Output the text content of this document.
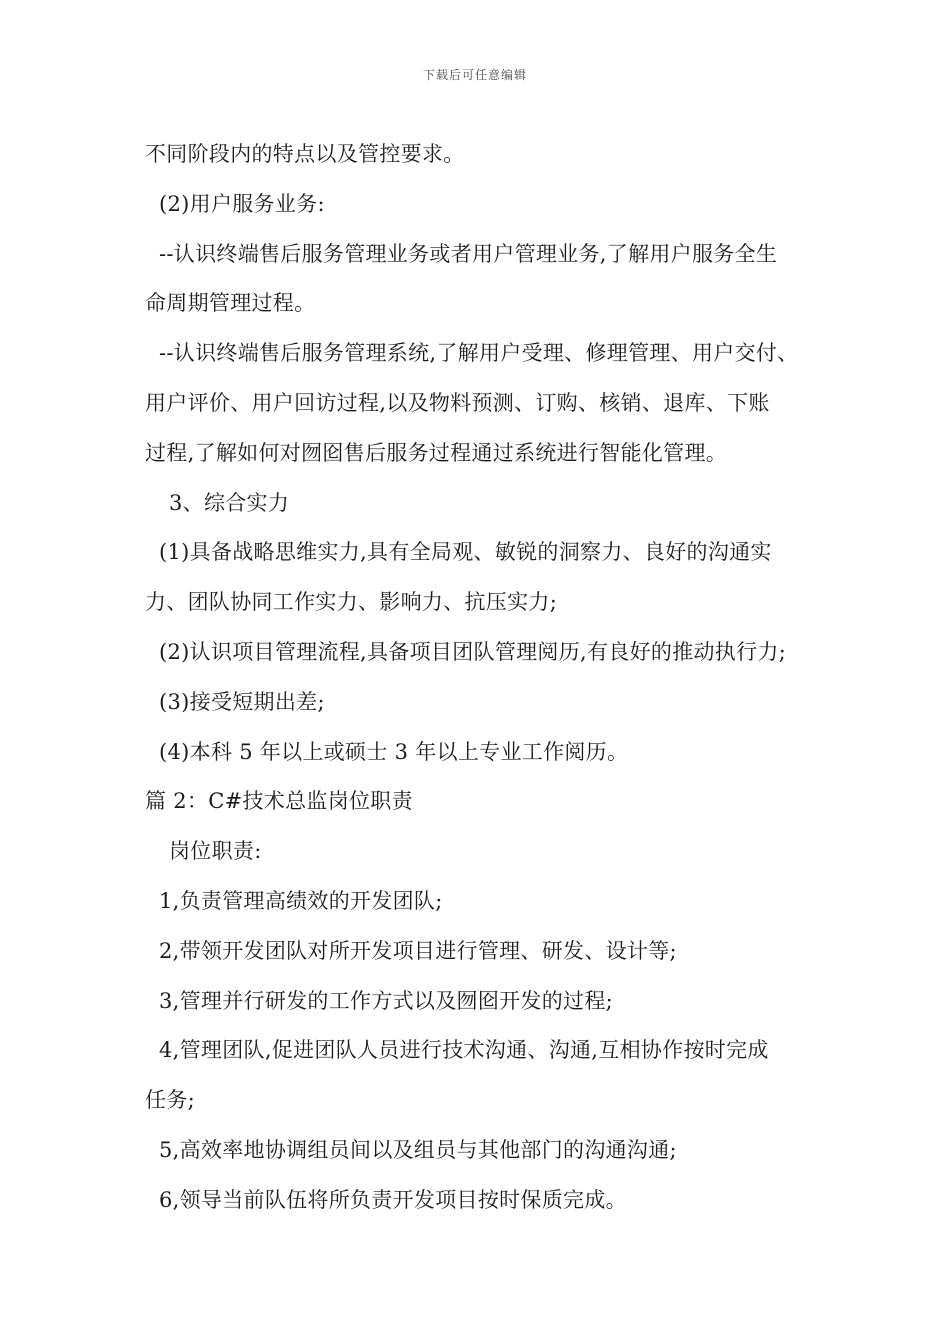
下载后可任意编辑
不同阶段内的特点以及管控要求。
(2)用户服务业务:
--认识终端售后服务管理业务或者用户管理业务,了解用户服务全生
命周期管理过程。
--认识终端售后服务管理系统,了解用户受理、修理管理、用户交付、
用户评价、用户回访过程,以及物料预测、订购、核销、退库、下账
过程,了解如何对囫囵售后服务过程通过系统进行智能化管理。
3、综合实力
(1)具备战略思维实力,具有全局观、敏锐的洞察力、良好的沟通实
力、团队协同工作实力、影响力、抗压实力;
(2)认识项目管理流程,具备项目团队管理阅历,有良好的推动执行力;
(3)接受短期出差;
(4)本科 5 年以上或硕士 3 年以上专业工作阅历。
篇 2：C#技术总监岗位职责
岗位职责:
1,负责管理高绩效的开发团队;
2,带领开发团队对所开发项目进行管理、研发、设计等;
3,管理并行研发的工作方式以及囫囵开发的过程;
4,管理团队,促进团队人员进行技术沟通、沟通,互相协作按时完成
任务;
5,高效率地协调组员间以及组员与其他部门的沟通沟通;
6,领导当前队伍将所负责开发项目按时保质完成。
